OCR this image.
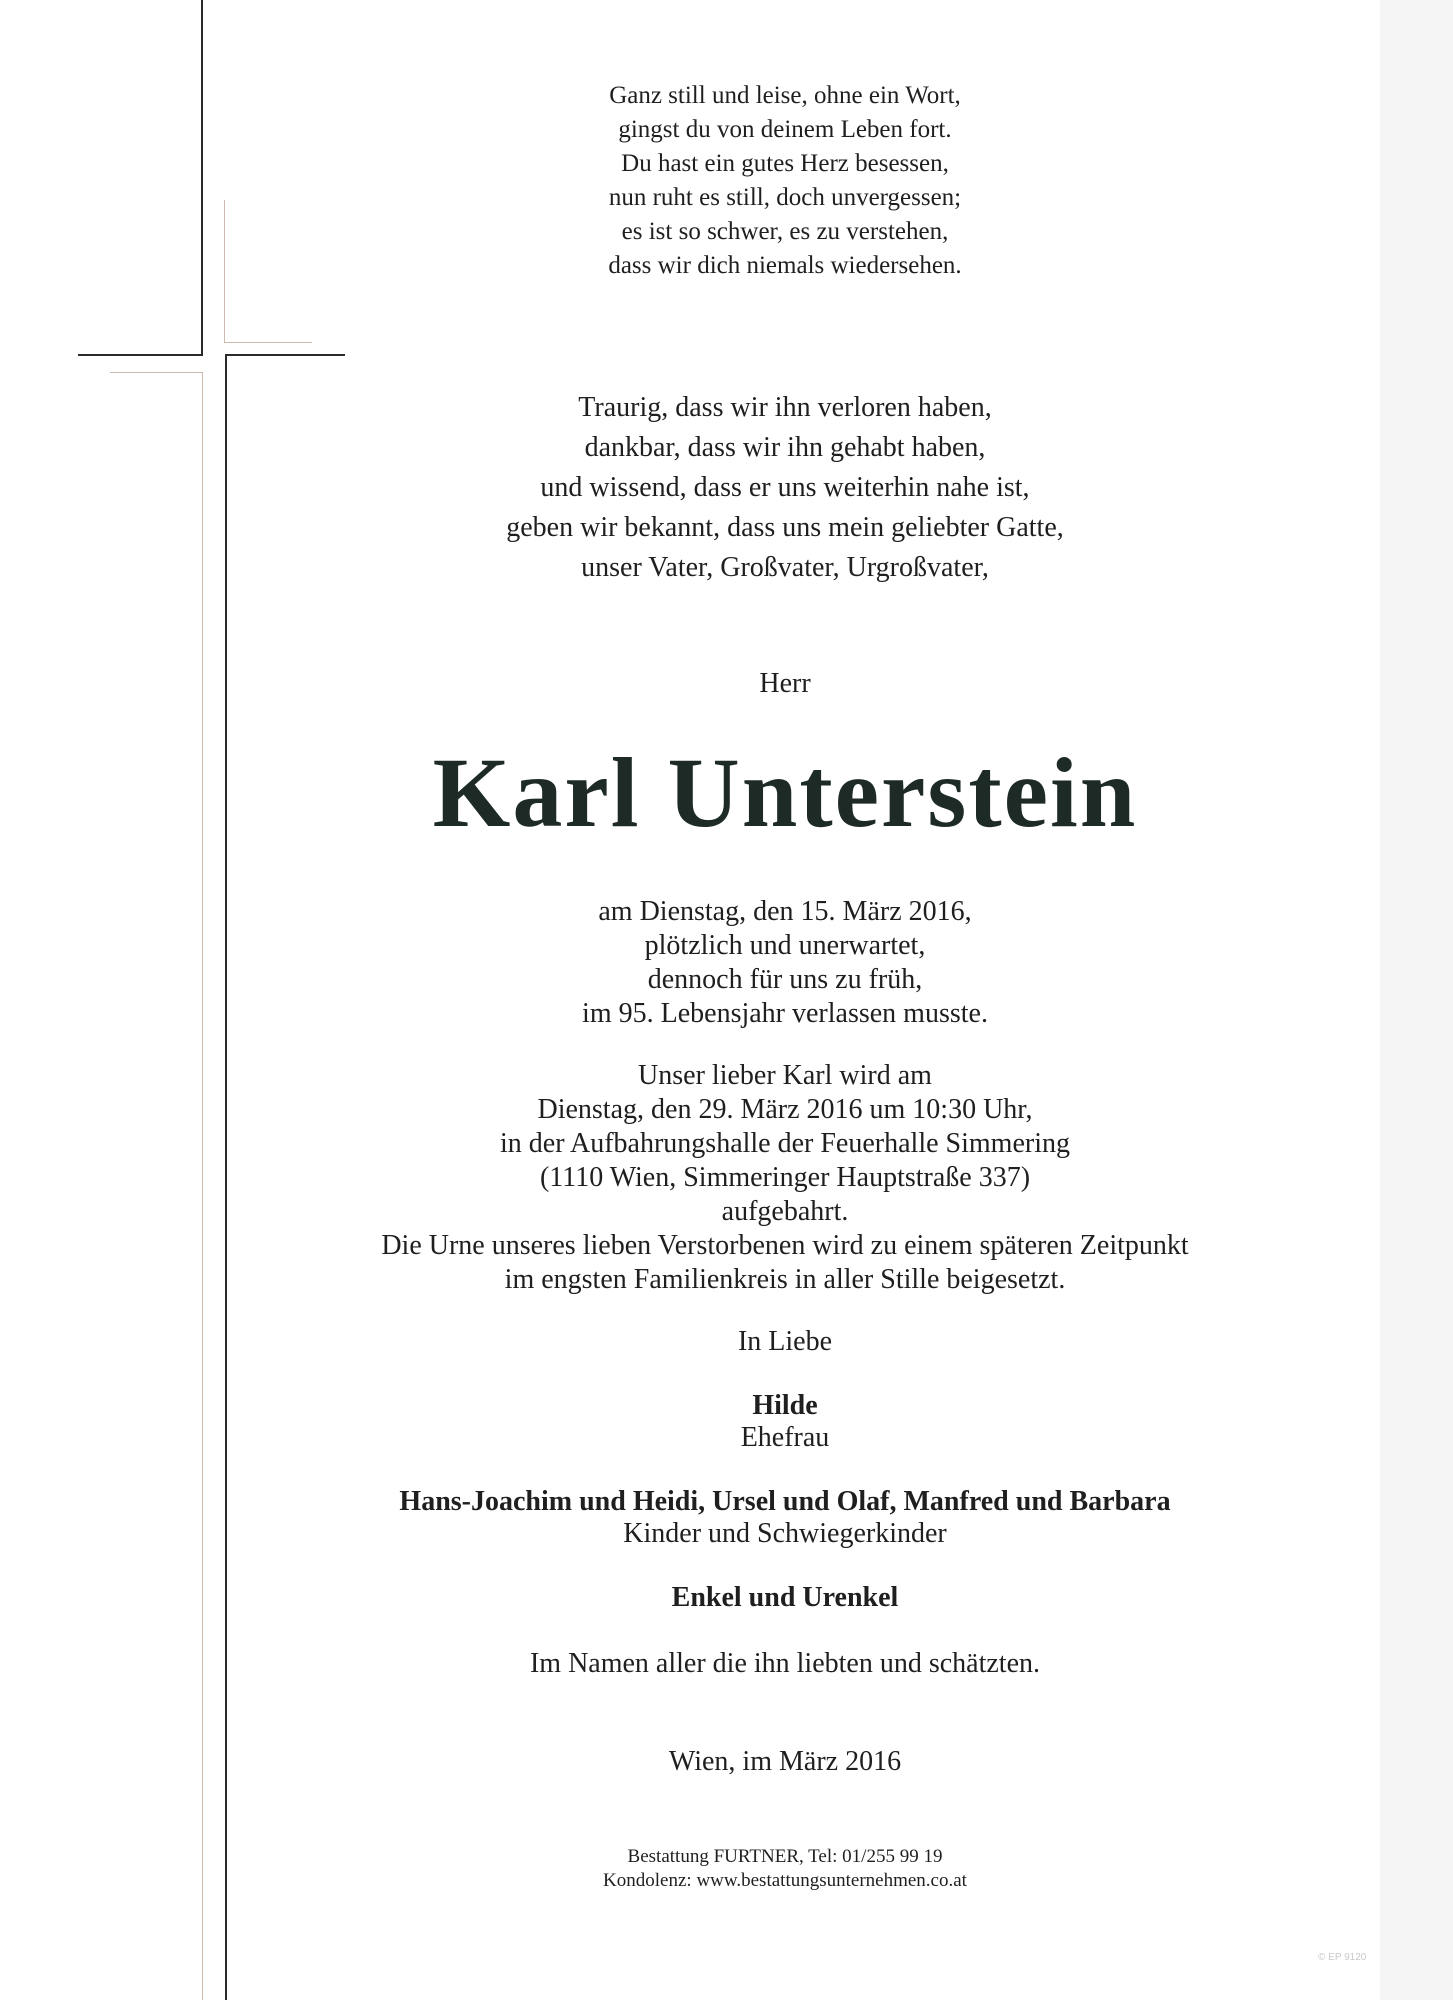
Ganz still und leise, ohne ein Wort,

gingst du von deinem Leben fort.

Du hast ein gutes Herz besessen,

nun ruht es still, doch unvergessen;

es ist so schwer, es zu verstehen,

dass wir dich niemals wiedersehen.

Traurig, dass wir ihn verloren haben,

dankbar, dass wir ihn gehabt haben,

und wissend, dass er uns weiterhin nahe ist,

geben wir bekannt, dass uns mein geliebter Gatte,

unser Vater, Großvater, Urgroßvater,

Herr

Karl Unterstein

am Dienstag, den 15. März 2016,

plötzlich und unerwartet,

dennoch für uns zu früh,

im 95. Lebensjahr verlassen musste.

Unser lieber Karl wird am

Dienstag, den 29. März 2016 um 10:30 Uhr,

in der Aufbahrungshalle der Feuerhalle Simmering

(1110 Wien, Simmeringer Hauptstraße 337)

aufgebahrt.

Die Urne unseres lieben Verstorbenen wird zu einem späteren Zeitpunkt

im engsten Familienkreis in aller Stille beigesetzt.

In Liebe

Hilde

Ehefrau

Hans-Joachim und Heidi, Ursel und Olaf, Manfred und Barbara

Kinder und Schwiegerkinder

Enkel und Urenkel

Im Namen aller die ihn liebten und schätzten.

Wien, im März 2016

Bestattung FURTNER, Tel: 01/255 99 19

Kondolenz: www.bestattungsunternehmen.co.at

© EP 9120
